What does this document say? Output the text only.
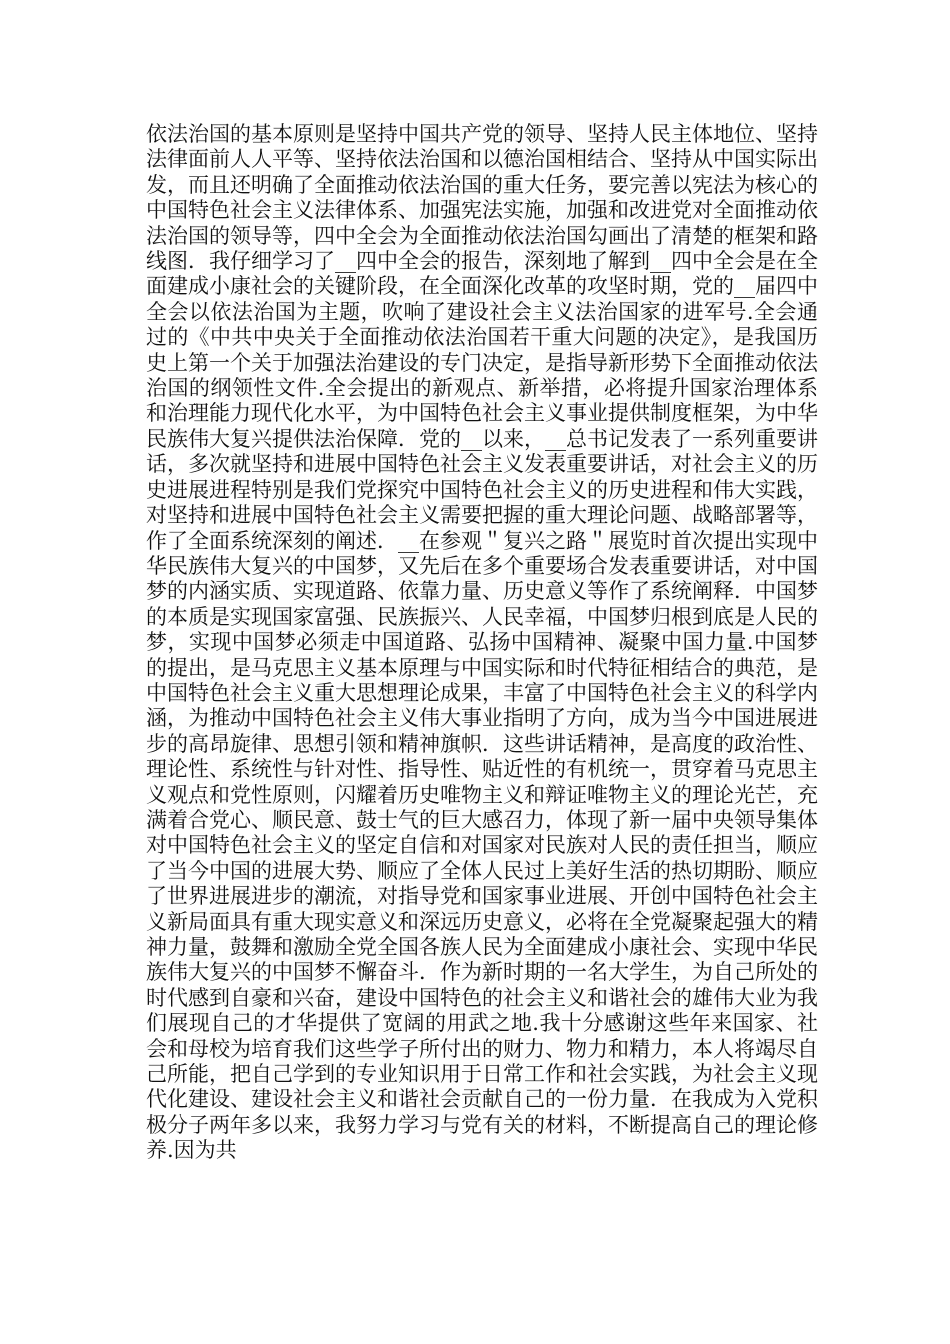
依法治国的基本原则是坚持中国共产党的领导、坚持人民主体地位、坚持法律面前人人平等、坚持依法治国和以德治国相结合、坚持从中国实际出发，而且还明确了全面推动依法治国的重大任务，要完善以宪法为核心的中国特色社会主义法律体系、加强宪法实施，加强和改进党对全面推动依法治国的领导等，四中全会为全面推动依法治国勾画出了清楚的框架和路线图．我仔细学习了__四中全会的报告，深刻地了解到__四中全会是在全面建成小康社会的关键阶段，在全面深化改革的攻坚时期，党的__届四中全会以依法治国为主题，吹响了建设社会主义法治国家的进军号.全会通过的《中共中央关于全面推动依法治国若干重大问题的决定》，是我国历史上第一个关于加强法治建设的专门决定，是指导新形势下全面推动依法治国的纲领性文件.全会提出的新观点、新举措，必将提升国家治理体系和治理能力现代化水平，为中国特色社会主义事业提供制度框架，为中华民族伟大复兴提供法治保障．党的__以来，__总书记发表了一系列重要讲话，多次就坚持和进展中国特色社会主义发表重要讲话，对社会主义的历史进展进程特别是我们党探究中国特色社会主义的历史进程和伟大实践，对坚持和进展中国特色社会主义需要把握的重大理论问题、战略部署等，作了全面系统深刻的阐述．__在参观＂复兴之路＂展览时首次提出实现中华民族伟大复兴的中国梦，又先后在多个重要场合发表重要讲话，对中国梦的内涵实质、实现道路、依靠力量、历史意义等作了系统阐释．中国梦的本质是实现国家富强、民族振兴、人民幸福，中国梦归根到底是人民的梦，实现中国梦必须走中国道路、弘扬中国精神、凝聚中国力量.中国梦的提出，是马克思主义基本原理与中国实际和时代特征相结合的典范，是中国特色社会主义重大思想理论成果，丰富了中国特色社会主义的科学内涵，为推动中国特色社会主义伟大事业指明了方向，成为当今中国进展进步的高昂旋律、思想引领和精神旗帜．这些讲话精神，是高度的政治性、理论性、系统性与针对性、指导性、贴近性的有机统一，贯穿着马克思主义观点和党性原则，闪耀着历史唯物主义和辩证唯物主义的理论光芒，充满着合党心、顺民意、鼓士气的巨大感召力，体现了新一届中央领导集体对中国特色社会主义的坚定自信和对国家对民族对人民的责任担当，顺应了当今中国的进展大势、顺应了全体人民过上美好生活的热切期盼、顺应了世界进展进步的潮流，对指导党和国家事业进展、开创中国特色社会主义新局面具有重大现实意义和深远历史意义，必将在全党凝聚起强大的精神力量，鼓舞和激励全党全国各族人民为全面建成小康社会、实现中华民族伟大复兴的中国梦不懈奋斗．作为新时期的一名大学生，为自己所处的时代感到自豪和兴奋，建设中国特色的社会主义和谐社会的雄伟大业为我们展现自己的才华提供了宽阔的用武之地.我十分感谢这些年来国家、社会和母校为培育我们这些学子所付出的财力、物力和精力，本人将竭尽自己所能，把自己学到的专业知识用于日常工作和社会实践，为社会主义现代化建设、建设社会主义和谐社会贡献自己的一份力量．在我成为入党积极分子两年多以来，我努力学习与党有关的材料，不断提高自己的理论修养.因为共
